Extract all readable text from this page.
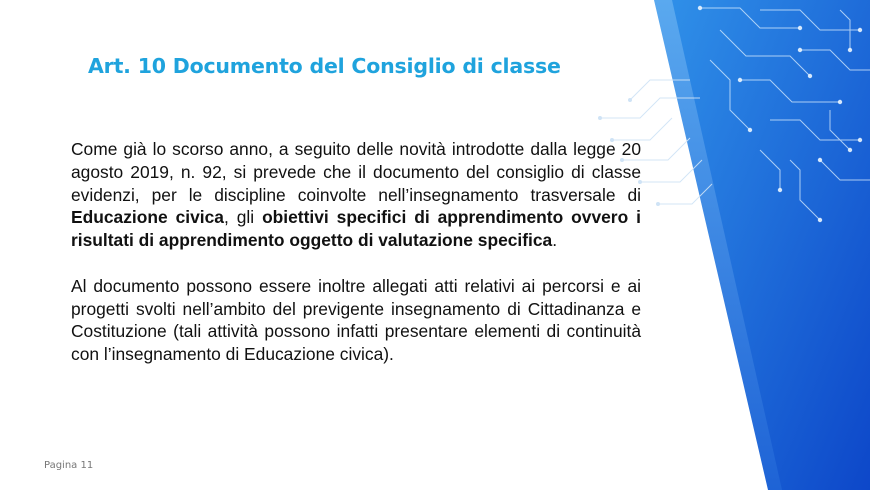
Art. 10 Documento del Consiglio di classe

Come già lo scorso anno, a seguito delle novità introdotte dalla legge 20 agosto 2019, n. 92, si prevede che il documento del consiglio di classe evidenzi, per le discipline coinvolte nell’insegnamento trasversale di Educazione civica, gli obiettivi specifici di apprendimento ovvero i risultati di apprendimento oggetto di valutazione specifica.

Al documento possono essere inoltre allegati atti relativi ai percorsi e ai progetti svolti nell’ambito del previgente insegnamento di Cittadinanza e Costituzione (tali attività possono infatti presentare elementi di continuità con l’insegnamento di Educazione civica).

Pagina 11
